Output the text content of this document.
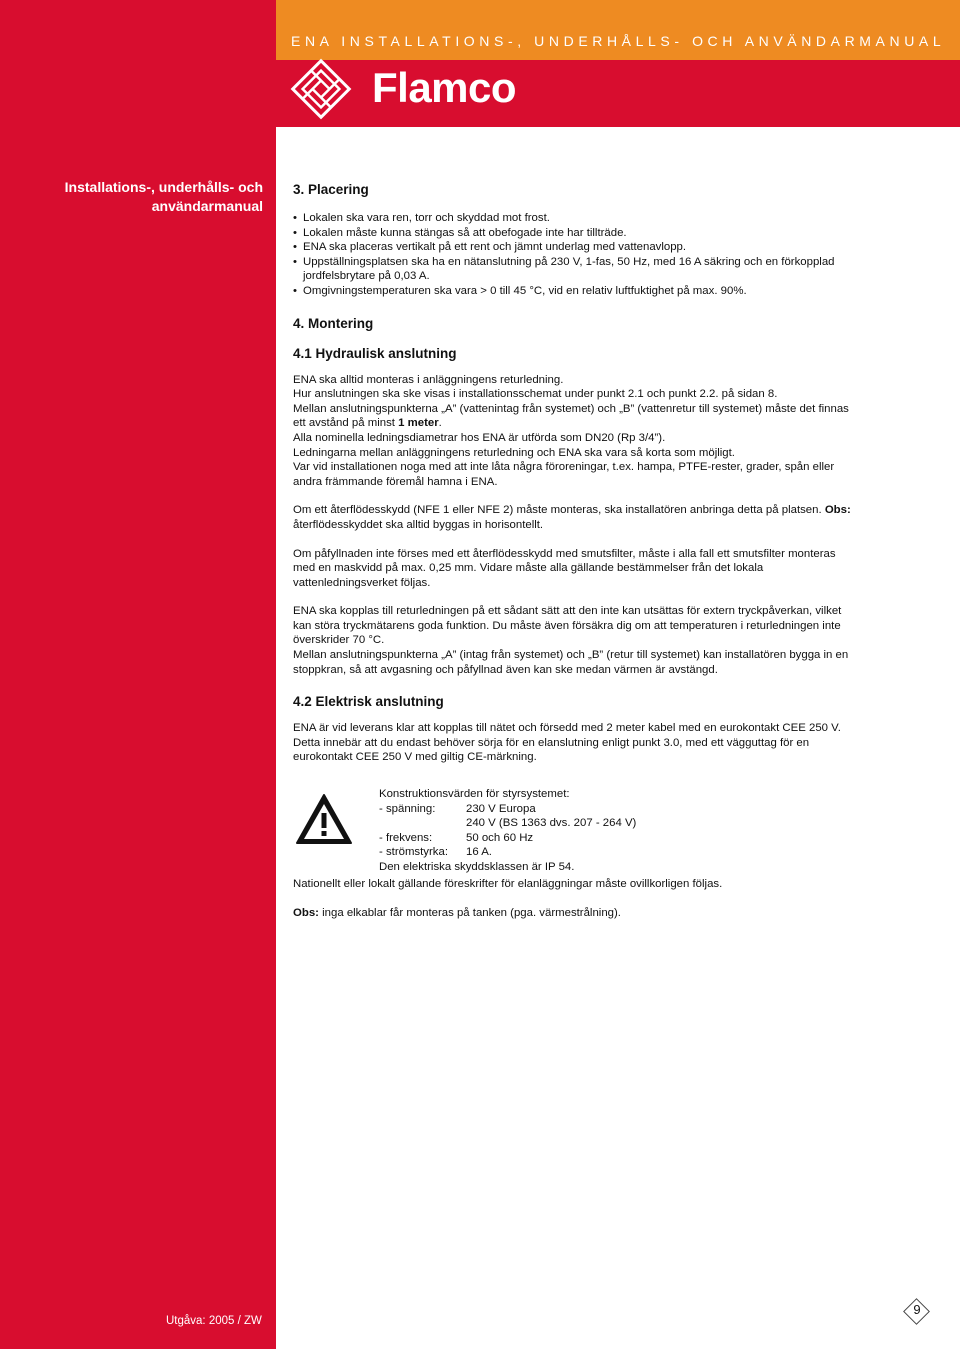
ENA INSTALLATIONS-, UNDERHÅLLS- OCH ANVÄNDARMANUAL
Flamco
Installations-, underhålls- och användarmanual
3. Placering
• Lokalen ska vara ren, torr och skyddad mot frost.
• Lokalen måste kunna stängas så att obefogade inte har tillträde.
• ENA ska placeras vertikalt på ett rent och jämnt underlag med vattenavlopp.
• Uppställningsplatsen ska ha en nätanslutning på 230 V, 1-fas, 50 Hz, med 16 A säkring och en förkopplad jordfelsbrytare på 0,03 A.
• Omgivningstemperaturen ska vara > 0 till 45 °C, vid en relativ luftfuktighet på max. 90%.
4. Montering
4.1 Hydraulisk anslutning

ENA ska alltid monteras i anläggningens returledning.

Hur anslutningen ska ske visas i installationsschemat under punkt 2.1 och punkt 2.2. på sidan 8.

Mellan anslutningspunkterna „A” (vattenintag från systemet) och „B” (vattenretur till systemet) måste det finnas ett avstånd på minst 1 meter.

Alla nominella ledningsdiametrar hos ENA är utförda som DN20 (Rp 3/4”).

Ledningarna mellan anläggningens returledning och ENA ska vara så korta som möjligt.

Var vid installationen noga med att inte låta några föroreningar, t.ex. hampa, PTFE-rester, grader, spån eller andra främmande föremål hamna i ENA.

Om ett återflödesskydd (NFE 1 eller NFE 2) måste monteras, ska installatören anbringa detta på platsen. Obs: återflödesskyddet ska alltid byggas in horisontellt.

Om påfyllnaden inte förses med ett återflödesskydd med smutsfilter, måste i alla fall ett smutsfilter monteras med en maskvidd på max. 0,25 mm. Vidare måste alla gällande bestämmelser från det lokala vattenledningsverket följas.

ENA ska kopplas till returledningen på ett sådant sätt att den inte kan utsättas för extern tryckpåverkan, vilket kan störa tryckmätarens goda funktion. Du måste även försäkra dig om att temperaturen i returledningen inte överskrider 70 °C.

Mellan anslutningspunkterna „A” (intag från systemet) och „B” (retur till systemet) kan installatören bygga in en stoppkran, så att avgasning och påfyllnad även kan ske medan värmen är avstängd.

4.2 Elektrisk anslutning

ENA är vid leverans klar att kopplas till nätet och försedd med 2 meter kabel med en eurokontakt CEE 250 V.

Detta innebär att du endast behöver sörja för en elanslutning enligt punkt 3.0, med ett vägguttag för en eurokontakt CEE 250 V med giltig CE-märkning.

Konstruktionsvärden för styrsystemet:

- spänning:	230 V Europa
	240 V (BS 1363 dvs. 207 - 264 V)
- frekvens:	50 och 60 Hz
- strömstyrka:	16 A.

Den elektriska skyddsklassen är IP 54.

Nationellt eller lokalt gällande föreskrifter för elanläggningar måste ovillkorligen följas.

Obs: inga elkablar får monteras på tanken (pga. värmestrålning).

Utgåva: 2005 / ZW

9
